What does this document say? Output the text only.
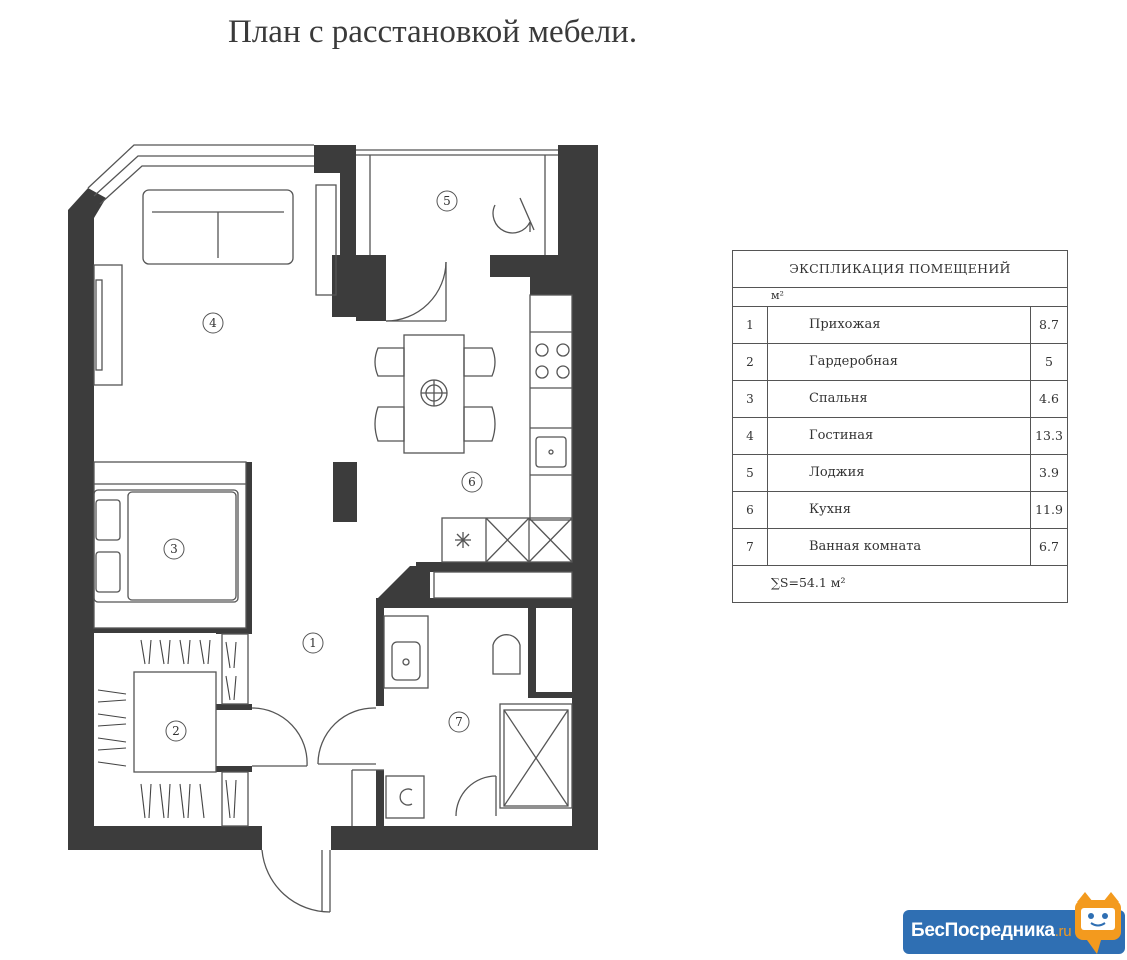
План с расстановкой мебели.
1
2
3
4
5
6
7
ЭКСПЛИКАЦИЯ ПОМЕЩЕНИЙ
м²
1	Прихожая	8.7
2	Гардеробная	5
3	Спальня	4.6
4	Гостиная	13.3
5	Лоджия	3.9
6	Кухня	11.9
7	Ванная комната	6.7
∑S=54.1 м²
БесПосредника.ru
